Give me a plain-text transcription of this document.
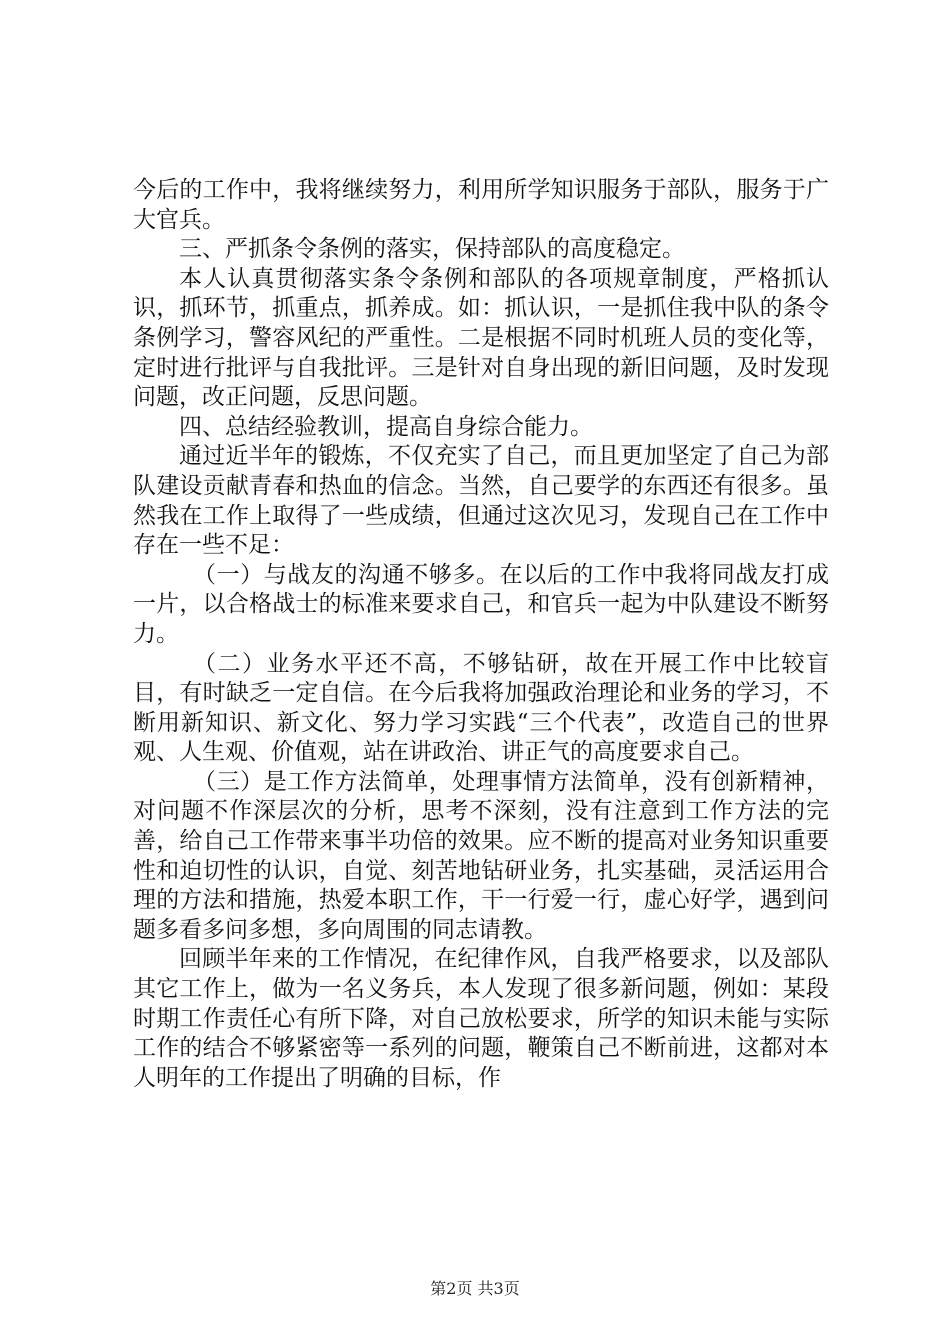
今后的工作中，我将继续努力，利用所学知识服务于部队，服务于广大官兵。

三、严抓条令条例的落实，保持部队的高度稳定。

本人认真贯彻落实条令条例和部队的各项规章制度，严格抓认识，抓环节，抓重点，抓养成。如：抓认识，一是抓住我中队的条令条例学习，警容风纪的严重性。二是根据不同时机班人员的变化等，定时进行批评与自我批评。三是针对自身出现的新旧问题，及时发现问题，改正问题，反思问题。

四、总结经验教训，提高自身综合能力。

通过近半年的锻炼，不仅充实了自己，而且更加坚定了自己为部队建设贡献青春和热血的信念。当然，自己要学的东西还有很多。虽然我在工作上取得了一些成绩，但通过这次见习，发现自己在工作中存在一些不足：

（一）与战友的沟通不够多。在以后的工作中我将同战友打成一片，以合格战士的标准来要求自己，和官兵一起为中队建设不断努力。

（二）业务水平还不高，不够钻研，故在开展工作中比较盲目，有时缺乏一定自信。在今后我将加强政治理论和业务的学习，不断用新知识、新文化、努力学习实践“三个代表”，改造自己的世界观、人生观、价值观，站在讲政治、讲正气的高度要求自己。

（三）是工作方法简单，处理事情方法简单，没有创新精神，对问题不作深层次的分析，思考不深刻，没有注意到工作方法的完善，给自己工作带来事半功倍的效果。应不断的提高对业务知识重要性和迫切性的认识，自觉、刻苦地钻研业务，扎实基础，灵活运用合理的方法和措施，热爱本职工作，干一行爱一行，虚心好学，遇到问题多看多问多想，多向周围的同志请教。

回顾半年来的工作情况，在纪律作风，自我严格要求，以及部队其它工作上，做为一名义务兵，本人发现了很多新问题，例如：某段时期工作责任心有所下降，对自己放松要求，所学的知识未能与实际工作的结合不够紧密等一系列的问题，鞭策自己不断前进，这都对本人明年的工作提出了明确的目标，作

第2页 共3页
